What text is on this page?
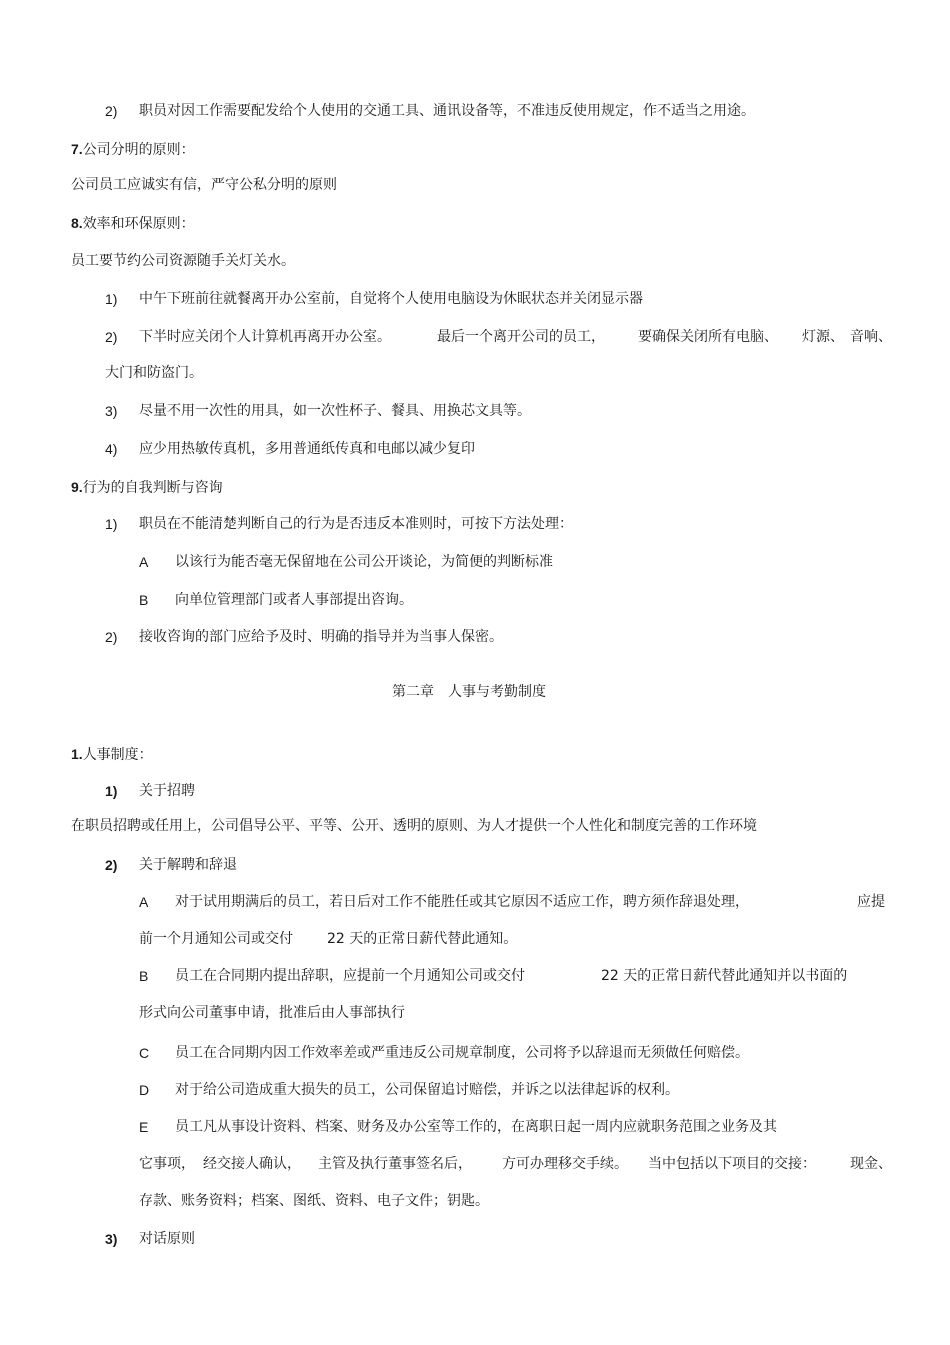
2) 职员对因工作需要配发给个人使用的交通工具、通讯设备等，不准违反使用规定，作不适当之用途。
7.公司分明的原则：
公司员工应诚实有信，严守公私分明的原则
8.效率和环保原则：
员工要节约公司资源随手关灯关水。
1) 中午下班前往就餐离开办公室前，自觉将个人使用电脑设为休眠状态并关闭显示器
2) 下半时应关闭个人计算机再离开办公室。	最后一个离开公司的员工， 要确保关闭所有电脑、 灯源、 音响、
大门和防盗门。
3) 尽量不用一次性的用具，如一次性杯子、餐具、用换芯文具等。
4) 应少用热敏传真机，多用普通纸传真和电邮以减少复印
9.行为的自我判断与咨询
1) 职员在不能清楚判断自己的行为是否违反本准则时，可按下方法处理：
A 以该行为能否毫无保留地在公司公开谈论，为简便的判断标准
B 向单位管理部门或者人事部提出咨询。
2) 接收咨询的部门应给予及时、明确的指导并为当事人保密。
第二章　人事与考勤制度
1.人事制度：
1) 关于招聘
在职员招聘或任用上，公司倡导公平、平等、公开、透明的原则、为人才提供一个人性化和制度完善的工作环境
2) 关于解聘和辞退
A 对于试用期满后的员工，若日后对工作不能胜任或其它原因不适应工作，聘方须作辞退处理，	应提
前一个月通知公司或交付 22 天的正常日薪代替此通知。
B 员工在合同期内提出辞职，应提前一个月通知公司或交付	22 天的正常日薪代替此通知并以书面的
形式向公司董事申请，批准后由人事部执行
C 员工在合同期内因工作效率差或严重违反公司规章制度，公司将予以辞退而无须做任何赔偿。
D 对于给公司造成重大损失的员工，公司保留追讨赔偿，并诉之以法律起诉的权利。
E 员工凡从事设计资料、档案、财务及办公室等工作的，在离职日起一周内应就职务范围之业务及其
它事项， 经交接人确认， 主管及执行董事签名后， 方可办理移交手续。 当中包括以下项目的交接： 现金、
存款、账务资料；档案、图纸、资料、电子文件；钥匙。
3) 对话原则
